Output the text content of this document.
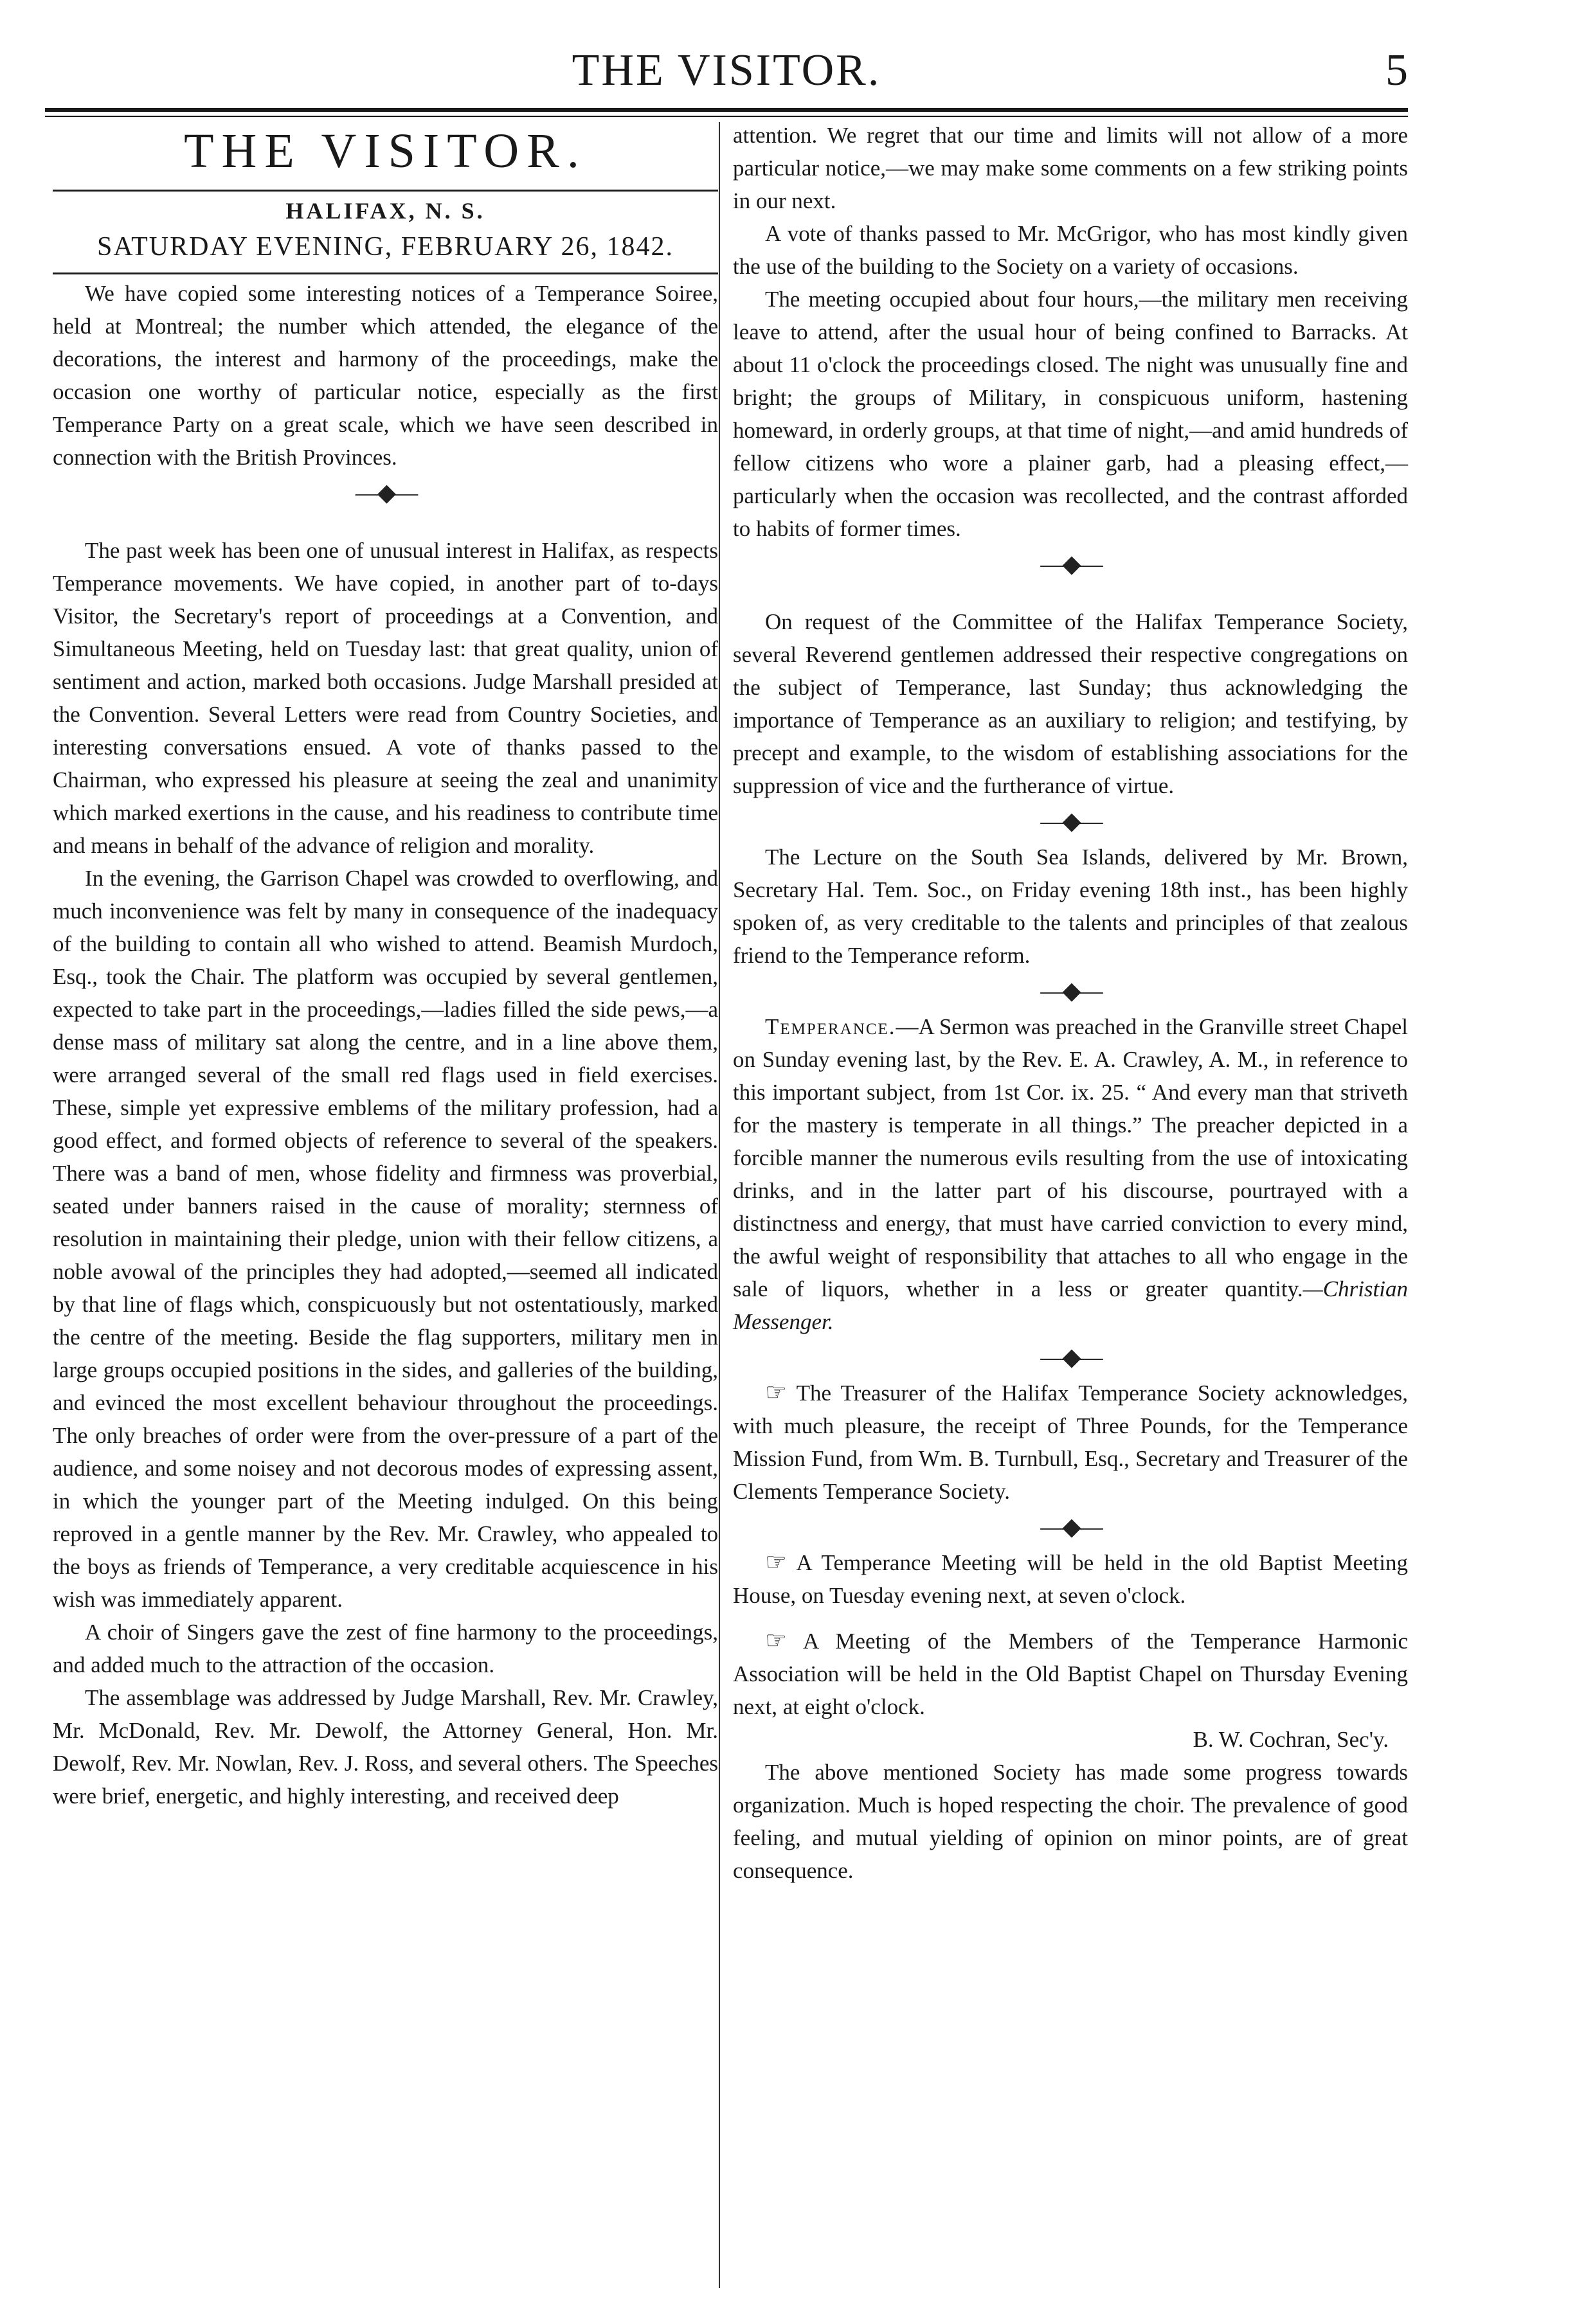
THE VISITOR.	5
THE VISITOR.
HALIFAX, N. S.
SATURDAY EVENING, FEBRUARY 26, 1842.

We have copied some interesting notices of a Temperance Soiree, held at Montreal; the number which attended, the elegance of the decorations, the interest and harmony of the proceedings, make the occasion one worthy of particular notice, especially as the first Temperance Party on a great scale, which we have seen described in connection with the British Provinces.

—◆—

The past week has been one of unusual interest in Halifax, as respects Temperance movements. We have copied, in another part of to-days Visitor, the Secretary's report of proceedings at a Convention, and Simultaneous Meeting, held on Tuesday last: that great quality, union of sentiment and action, marked both occasions. Judge Marshall presided at the Convention. Several Letters were read from Country Societies, and interesting conversations ensued. A vote of thanks passed to the Chairman, who expressed his pleasure at seeing the zeal and unanimity which marked exertions in the cause, and his readiness to contribute time and means in behalf of the advance of religion and morality.

In the evening, the Garrison Chapel was crowded to overflowing, and much inconvenience was felt by many in consequence of the inadequacy of the building to contain all who wished to attend. Beamish Murdoch, Esq., took the Chair. The platform was occupied by several gentlemen, expected to take part in the proceedings,—ladies filled the side pews,—a dense mass of military sat along the centre, and in a line above them, were arranged several of the small red flags used in field exercises. These, simple yet expressive emblems of the military profession, had a good effect, and formed objects of reference to several of the speakers. There was a band of men, whose fidelity and firmness was proverbial, seated under banners raised in the cause of morality; sternness of resolution in maintaining their pledge, union with their fellow citizens, a noble avowal of the principles they had adopted,—seemed all indicated by that line of flags which, conspicuously but not ostentatiously, marked the centre of the meeting. Beside the flag supporters, military men in large groups occupied positions in the sides, and galleries of the building, and evinced the most excellent behaviour throughout the proceedings. The only breaches of order were from the over-pressure of a part of the audience, and some noisey and not decorous modes of expressing assent, in which the younger part of the Meeting indulged. On this being reproved in a gentle manner by the Rev. Mr. Crawley, who appealed to the boys as friends of Temperance, a very creditable acquiescence in his wish was immediately apparent.

A choir of Singers gave the zest of fine harmony to the proceedings, and added much to the attraction of the occasion.

The assemblage was addressed by Judge Marshall, Rev. Mr. Crawley, Mr. McDonald, Rev. Mr. Dewolf, the Attorney General, Hon. Mr. Dewolf, Rev. Mr. Nowlan, Rev. J. Ross, and several others. The Speeches were brief, energetic, and highly interesting, and received deep

attention. We regret that our time and limits will not allow of a more particular notice,—we may make some comments on a few striking points in our next.

A vote of thanks passed to Mr. McGrigor, who has most kindly given the use of the building to the Society on a variety of occasions.

The meeting occupied about four hours,—the military men receiving leave to attend, after the usual hour of being confined to Barracks. At about 11 o'clock the proceedings closed. The night was unusually fine and bright; the groups of Military, in conspicuous uniform, hastening homeward, in orderly groups, at that time of night,—and amid hundreds of fellow citizens who wore a plainer garb, had a pleasing effect,—particularly when the occasion was recollected, and the contrast afforded to habits of former times.

—◆—

On request of the Committee of the Halifax Temperance Society, several Reverend gentlemen addressed their respective congregations on the subject of Temperance, last Sunday; thus acknowledging the importance of Temperance as an auxiliary to religion; and testifying, by precept and example, to the wisdom of establishing associations for the suppression of vice and the furtherance of virtue.

—◆—

The Lecture on the South Sea Islands, delivered by Mr. Brown, Secretary Hal. Tem. Soc., on Friday evening 18th inst., has been highly spoken of, as very creditable to the talents and principles of that zealous friend to the Temperance reform.

—◆—

Temperance.—A Sermon was preached in the Granville street Chapel on Sunday evening last, by the Rev. E. A. Crawley, A. M., in reference to this important subject, from 1st Cor. ix. 25. “ And every man that striveth for the mastery is temperate in all things.” The preacher depicted in a forcible manner the numerous evils resulting from the use of intoxicating drinks, and in the latter part of his discourse, pourtrayed with a distinctness and energy, that must have carried conviction to every mind, the awful weight of responsibility that attaches to all who engage in the sale of liquors, whether in a less or greater quantity.—Christian Messenger.

—◆—

☞ The Treasurer of the Halifax Temperance Society acknowledges, with much pleasure, the receipt of Three Pounds, for the Temperance Mission Fund, from Wm. B. Turnbull, Esq., Secretary and Treasurer of the Clements Temperance Society.

—◆—

☞ A Temperance Meeting will be held in the old Baptist Meeting House, on Tuesday evening next, at seven o'clock.

☞ A Meeting of the Members of the Temperance Harmonic Association will be held in the Old Baptist Chapel on Thursday Evening next, at eight o'clock.

B. W. Cochran, Sec'y.

The above mentioned Society has made some progress towards organization. Much is hoped respecting the choir. The prevalence of good feeling, and mutual yielding of opinion on minor points, are of great consequence.
